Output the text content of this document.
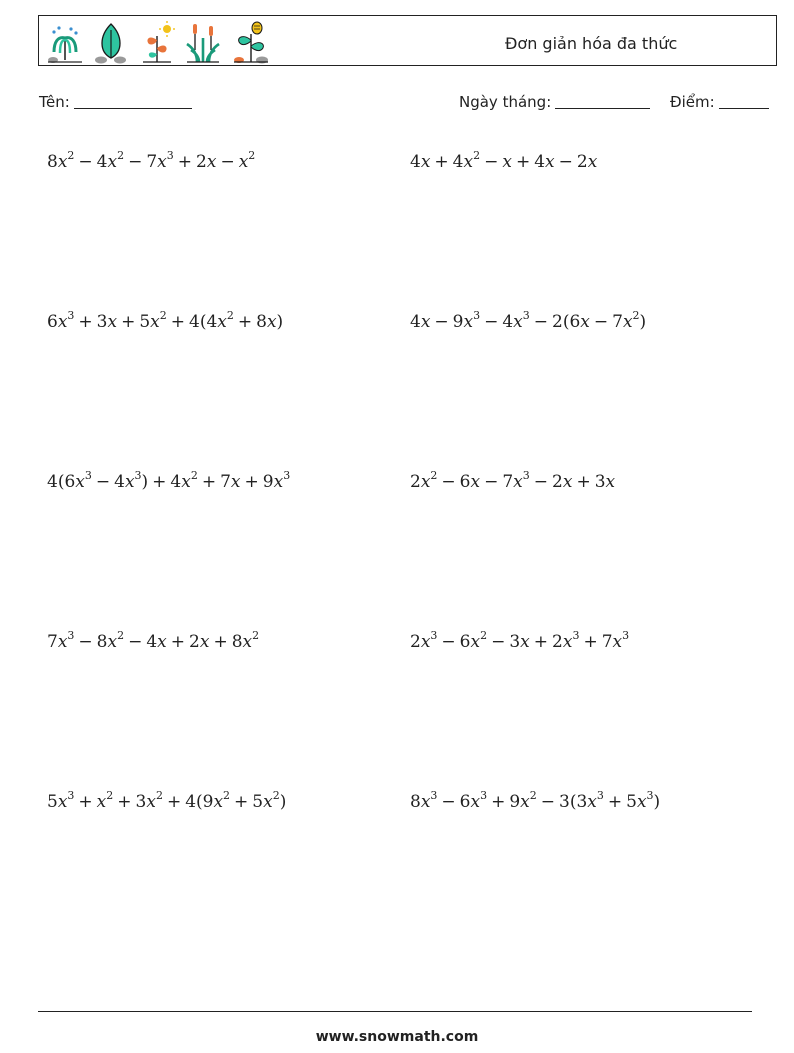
Đơn giản hóa đa thức
Tên:	Ngày tháng:	Điểm:
$8x^2 - 4x^2 - 7x^3 + 2x - x^2$	$4x + 4x^2 - x + 4x - 2x$
$6x^3 + 3x + 5x^2 + 4(4x^2 + 8x)$	$4x - 9x^3 - 4x^3 - 2(6x - 7x^2)$
$4(6x^3 - 4x^3) + 4x^2 + 7x + 9x^3$	$2x^2 - 6x - 7x^3 - 2x + 3x$
$7x^3 - 8x^2 - 4x + 2x + 8x^2$	$2x^3 - 6x^2 - 3x + 2x^3 + 7x^3$
$5x^3 + x^2 + 3x^2 + 4(9x^2 + 5x^2)$	$8x^3 - 6x^3 + 9x^2 - 3(3x^3 + 5x^3)$
www.snowmath.com
